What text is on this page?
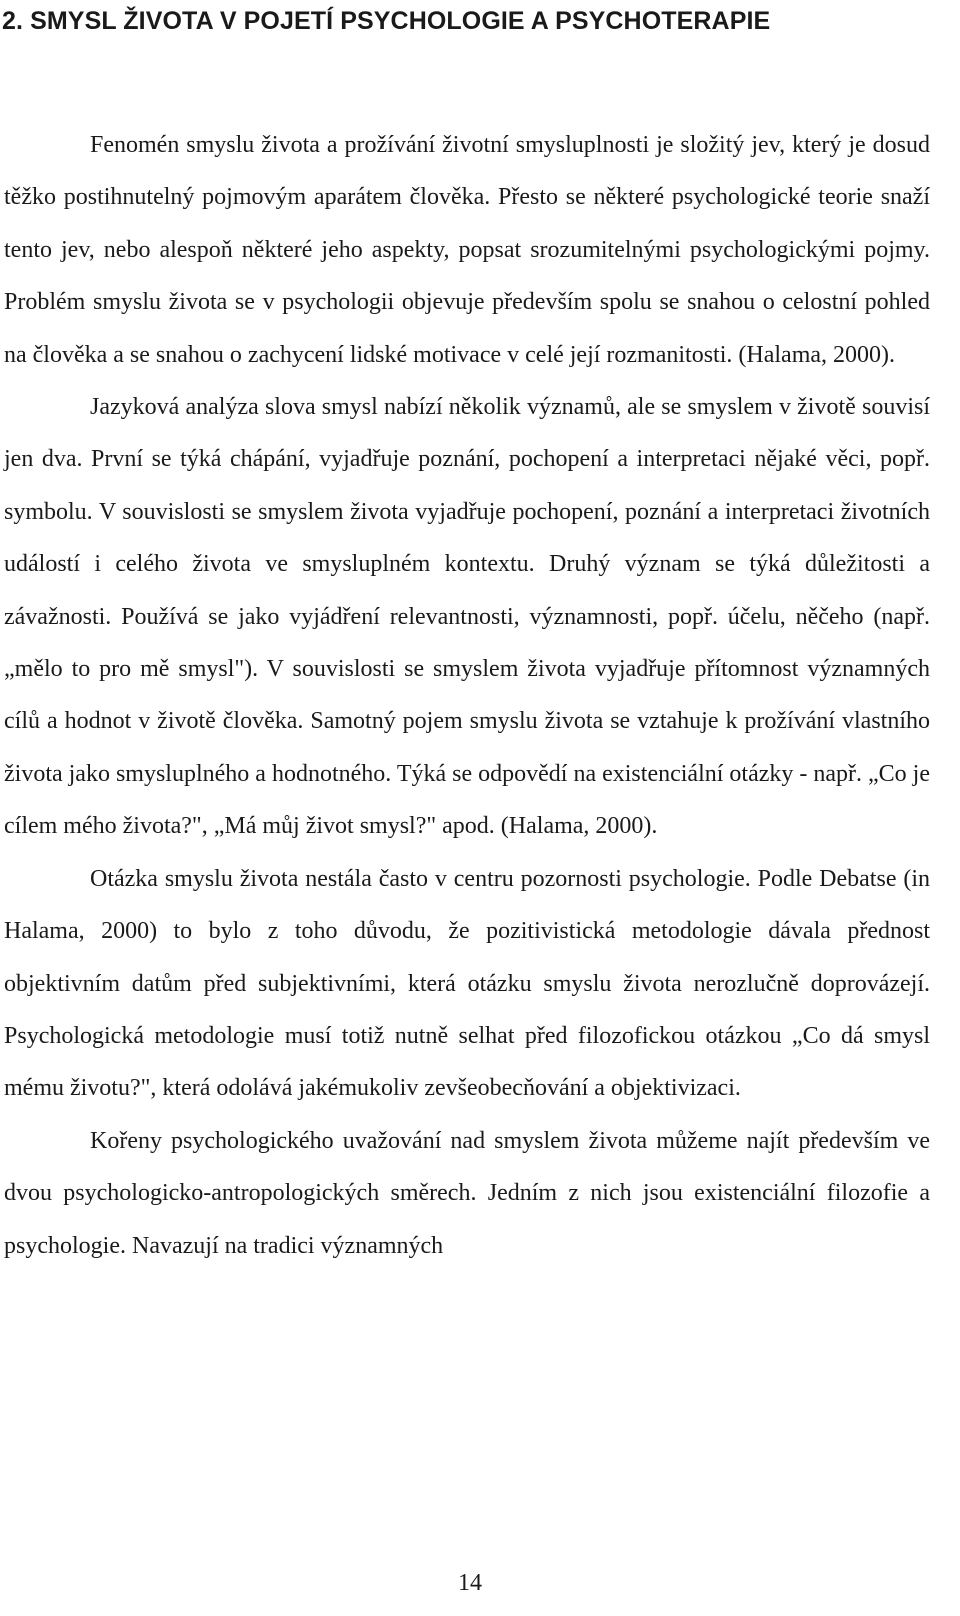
2. SMYSL ŽIVOTA V POJETÍ PSYCHOLOGIE A PSYCHOTERAPIE

Fenomén smyslu života a prožívání životní smysluplnosti je složitý jev, který je dosud těžko postihnutelný pojmovým aparátem člověka. Přesto se některé psychologické teorie snaží tento jev, nebo alespoň některé jeho aspekty, popsat srozumitelnými psychologickými pojmy. Problém smyslu života se v psychologii objevuje především spolu se snahou o celostní pohled na člověka a se snahou o zachycení lidské motivace v celé její rozmanitosti. (Halama, 2000).

Jazyková analýza slova smysl nabízí několik významů, ale se smyslem v životě souvisí jen dva. První se týká chápání, vyjadřuje poznání, pochopení a interpretaci nějaké věci, popř. symbolu. V souvislosti se smyslem života vyjadřuje pochopení, poznání a interpretaci životních událostí i celého života ve smysluplném kontextu. Druhý význam se týká důležitosti a závažnosti. Používá se jako vyjádření relevantnosti, významnosti, popř. účelu, něčeho (např. „mělo to pro mě smysl"). V souvislosti se smyslem života vyjadřuje přítomnost významných cílů a hodnot v životě člověka. Samotný pojem smyslu života se vztahuje k prožívání vlastního života jako smysluplného a hodnotného. Týká se odpovědí na existenciální otázky - např. „Co je cílem mého života?", „Má můj život smysl?" apod. (Halama, 2000).

Otázka smyslu života nestála často v centru pozornosti psychologie. Podle Debatse (in Halama, 2000) to bylo z toho důvodu, že pozitivistická metodologie dávala přednost objektivním datům před subjektivními, která otázku smyslu života nerozlučně doprovázejí. Psychologická metodologie musí totiž nutně selhat před filozofickou otázkou „Co dá smysl mému životu?", která odolává jakémukoliv zevšeobecňování a objektivizaci.

Kořeny psychologického uvažování nad smyslem života můžeme najít především ve dvou psychologicko-antropologických směrech. Jedním z nich jsou existenciální filozofie a psychologie. Navazují na tradici významných

14
